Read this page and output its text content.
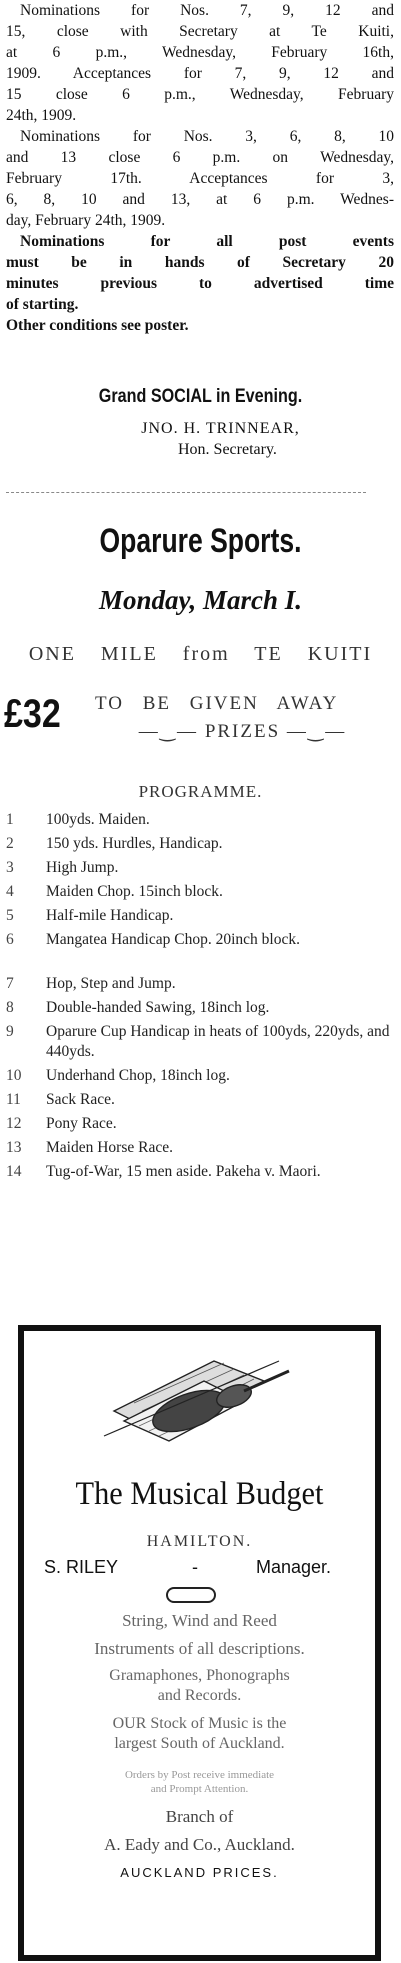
Nominations for Nos. 7, 9, 12 and
15, close with Secretary at Te Kuiti,
at 6 p.m., Wednesday, February 16th,
1909. Acceptances for 7, 9, 12 and
15 close 6 p.m., Wednesday, February
24th, 1909.
Nominations for Nos. 3, 6, 8, 10
and 13 close 6 p.m. on Wednesday,
February 17th. Acceptances for 3,
6, 8, 10 and 13, at 6 p.m. Wednes-
day, February 24th, 1909.
Nominations for all post events
must be in hands of Secretary 20
minutes previous to advertised time
of starting.
Other conditions see poster.
Grand SOCIAL in Evening.
JNO. H. TRINNEAR,
Hon. Secretary.
Oparure Sports.
Monday, March I.
ONE MILE from TE KUITI
£32 TO BE GIVEN AWAY
—‿— PRIZES —‿—
PROGRAMME.
1	100yds. Maiden.
2	150 yds. Hurdles, Handicap.
3	High Jump.
4	Maiden Chop. 15inch block.
5	Half-mile Handicap.
6	Mangatea Handicap Chop. 20inch block.
7	Hop, Step and Jump.
8	Double-handed Sawing, 18inch log.
9	Oparure Cup Handicap in heats of 100yds, 220yds, and 440yds.
10	Underhand Chop, 18inch log.
11	Sack Race.
12	Pony Race.
13	Maiden Horse Race.
14	Tug-of-War, 15 men aside. Pakeha v. Maori.
The Musical Budget
HAMILTON.
S. RILEY	-	Manager.
String, Wind and Reed
Instruments of all descriptions.
Gramaphones, Phonographs
and Records.
OUR Stock of Music is the
largest South of Auckland.
Orders by Post receive immediate
and Prompt Attention.
Branch of
A. Eady and Co., Auckland.
AUCKLAND PRICES.
